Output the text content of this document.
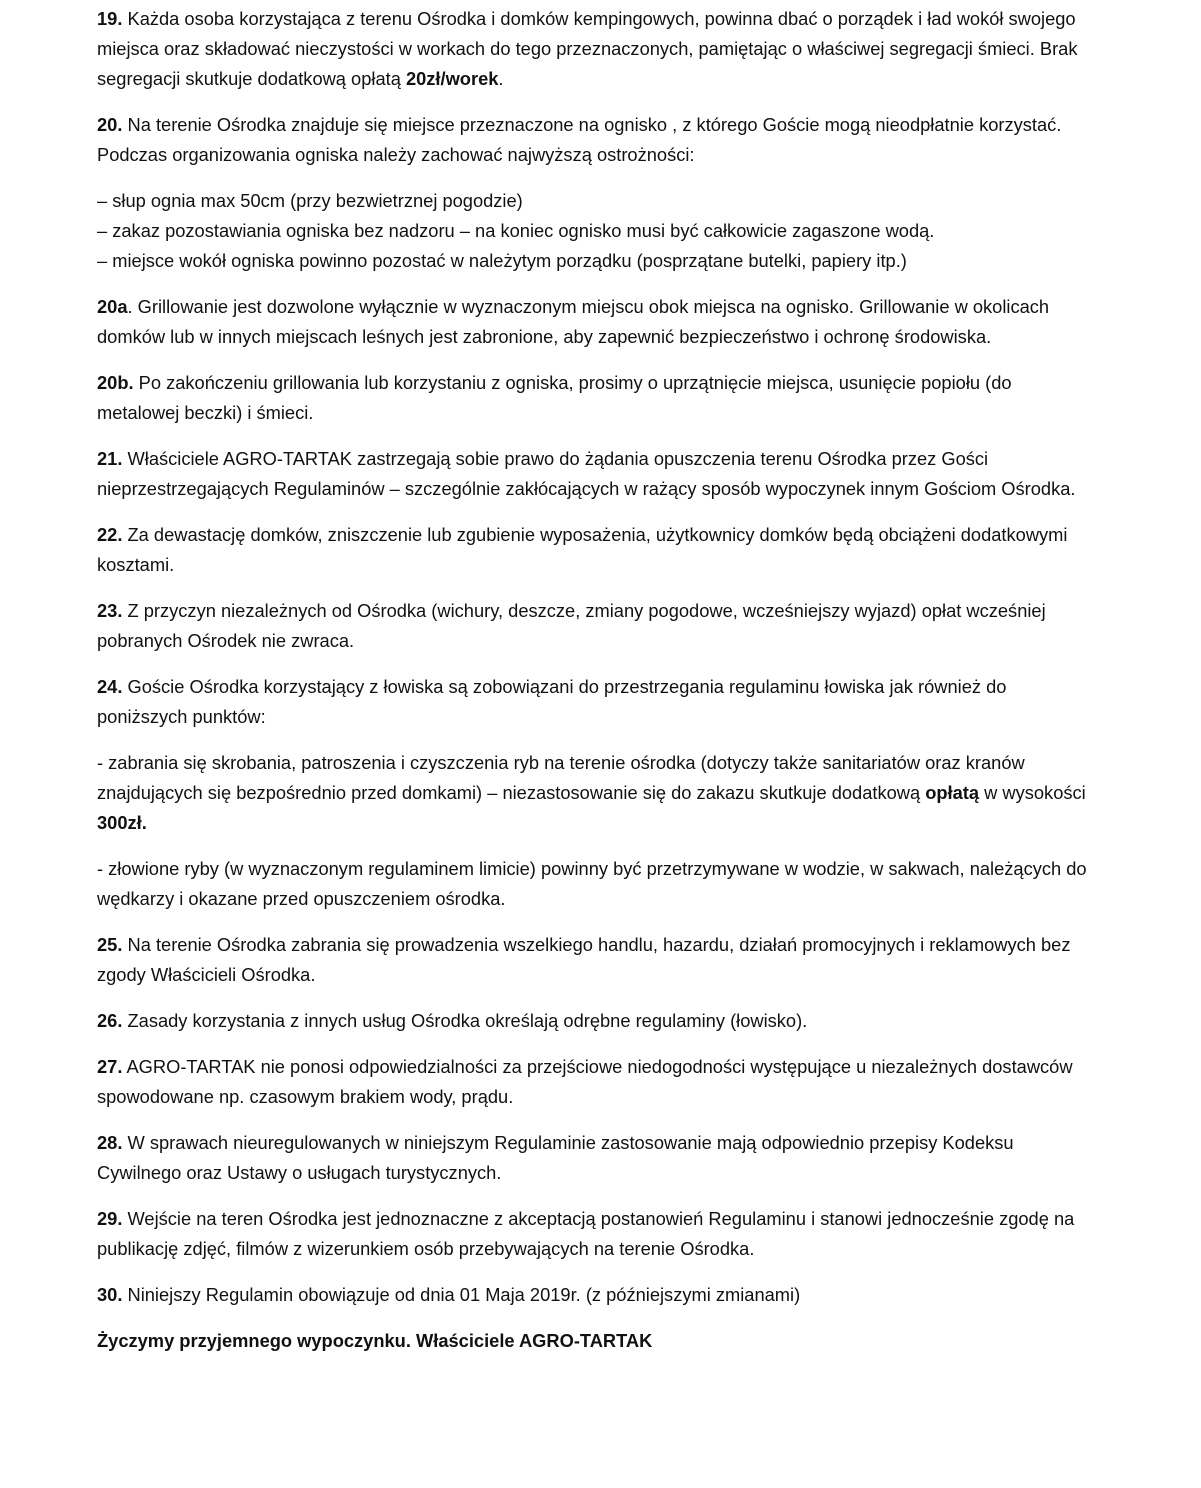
19. Każda osoba korzystająca z terenu Ośrodka i domków kempingowych, powinna dbać o porządek i ład wokół swojego miejsca oraz składować nieczystości w workach do tego przeznaczonych, pamiętając o właściwej segregacji śmieci. Brak segregacji skutkuje dodatkową opłatą 20zł/worek.

20. Na terenie Ośrodka znajduje się miejsce przeznaczone na ognisko , z którego Goście mogą nieodpłatnie korzystać. Podczas organizowania ogniska należy zachować najwyższą ostrożności:

– słup ognia max 50cm (przy bezwietrznej pogodzie)
– zakaz pozostawiania ogniska bez nadzoru – na koniec ognisko musi być całkowicie zagaszone wodą.
– miejsce wokół ogniska powinno pozostać w należytym porządku (posprzątane butelki, papiery itp.)

20a. Grillowanie jest dozwolone wyłącznie w wyznaczonym miejscu obok miejsca na ognisko. Grillowanie w okolicach domków lub w innych miejscach leśnych jest zabronione, aby zapewnić bezpieczeństwo i ochronę środowiska.

20b. Po zakończeniu grillowania lub korzystaniu z ogniska, prosimy o uprzątnięcie miejsca, usunięcie popiołu (do metalowej beczki) i śmieci.

21. Właściciele AGRO-TARTAK zastrzegają sobie prawo do żądania opuszczenia terenu Ośrodka przez Gości nieprzestrzegających Regulaminów – szczególnie zakłócających w rażący sposób wypoczynek innym Gościom Ośrodka.

22. Za dewastację domków, zniszczenie lub zgubienie wyposażenia, użytkownicy domków będą obciążeni dodatkowymi kosztami.

23. Z przyczyn niezależnych od Ośrodka (wichury, deszcze, zmiany pogodowe, wcześniejszy wyjazd) opłat wcześniej pobranych Ośrodek nie zwraca.

24. Goście Ośrodka korzystający z łowiska są zobowiązani do przestrzegania regulaminu łowiska jak również do poniższych punktów:

- zabrania się skrobania, patroszenia i czyszczenia ryb na terenie ośrodka (dotyczy także sanitariatów oraz kranów znajdujących się bezpośrednio przed domkami) – niezastosowanie się do zakazu skutkuje dodatkową opłatą w wysokości 300zł.

- złowione ryby (w wyznaczonym regulaminem limicie) powinny być przetrzymywane w wodzie, w sakwach, należących do wędkarzy i okazane przed opuszczeniem ośrodka.

25. Na terenie Ośrodka zabrania się prowadzenia wszelkiego handlu, hazardu, działań promocyjnych i reklamowych bez zgody Właścicieli Ośrodka.

26. Zasady korzystania z innych usług Ośrodka określają odrębne regulaminy (łowisko).

27. AGRO-TARTAK nie ponosi odpowiedzialności za przejściowe niedogodności występujące u niezależnych dostawców spowodowane np. czasowym brakiem wody, prądu.

28. W sprawach nieuregulowanych w niniejszym Regulaminie zastosowanie mają odpowiednio przepisy Kodeksu Cywilnego oraz Ustawy o usługach turystycznych.

29. Wejście na teren Ośrodka jest jednoznaczne z akceptacją postanowień Regulaminu i stanowi jednocześnie zgodę na publikację zdjęć, filmów z wizerunkiem osób przebywających na terenie Ośrodka.

30. Niniejszy Regulamin obowiązuje od dnia 01 Maja 2019r. (z późniejszymi zmianami)

Życzymy przyjemnego wypoczynku. Właściciele AGRO-TARTAK
